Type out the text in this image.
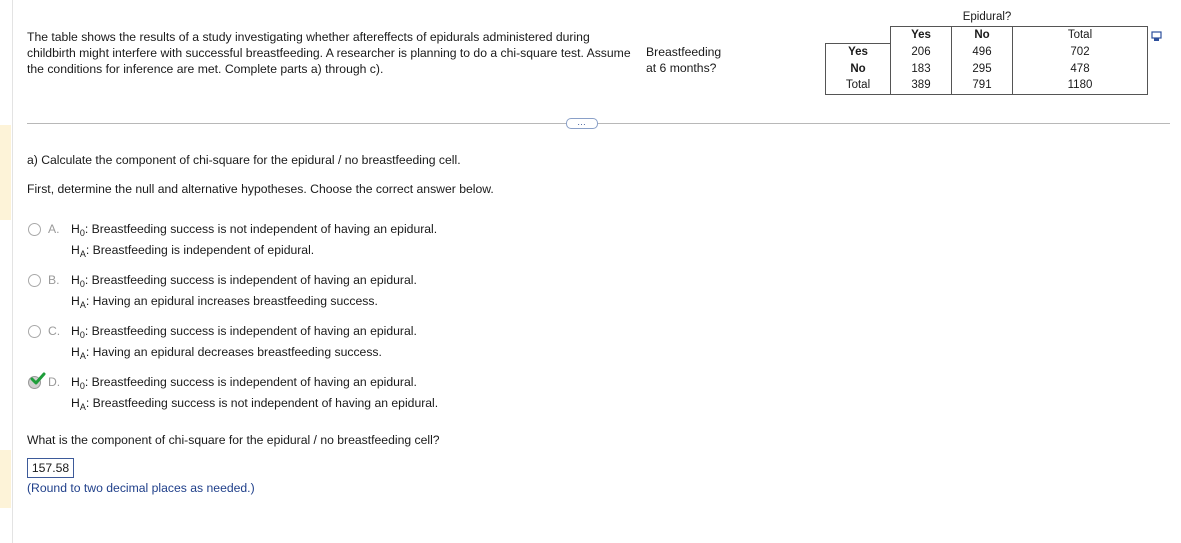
The table shows the results of a study investigating whether aftereffects of epidurals administered during childbirth might interfere with successful breastfeeding. A researcher is planning to do a chi-square test. Assume the conditions for inference are met. Complete parts a) through c).
Breastfeeding
at 6 months?
Epidural?
	Yes	No	Total
Yes	206	496	702
No	183	295	478
Total	389	791	1180
…
a) Calculate the component of chi-square for the epidural / no breastfeeding cell.
First, determine the null and alternative hypotheses. Choose the correct answer below.
A. $H_0$: Breastfeeding success is not independent of having an epidural.
$H_A$: Breastfeeding is independent of epidural.
B. $H_0$: Breastfeeding success is independent of having an epidural.
$H_A$: Having an epidural increases breastfeeding success.
C. $H_0$: Breastfeeding success is independent of having an epidural.
$H_A$: Having an epidural decreases breastfeeding success.
D. $H_0$: Breastfeeding success is independent of having an epidural.
$H_A$: Breastfeeding success is not independent of having an epidural.
What is the component of chi-square for the epidural / no breastfeeding cell?
157.58
(Round to two decimal places as needed.)
